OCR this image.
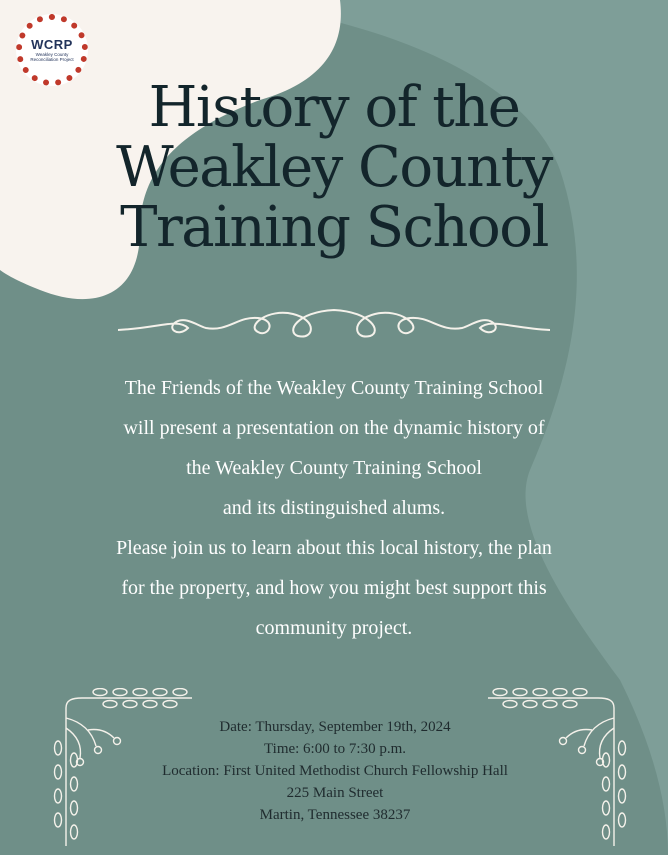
WCRP
Weakley County Reconciliation Project
History of the
Weakley County
Training School

The Friends of the Weakley County Training School
will present a presentation on the dynamic history of
the Weakley County Training School
and its distinguished alums.
Please join us to learn about this local history, the plan
for the property, and how you might best support this
community project.

Date: Thursday, September 19th, 2024
Time: 6:00 to 7:30 p.m.
Location: First United Methodist Church Fellowship Hall
225 Main Street
Martin, Tennessee 38237
